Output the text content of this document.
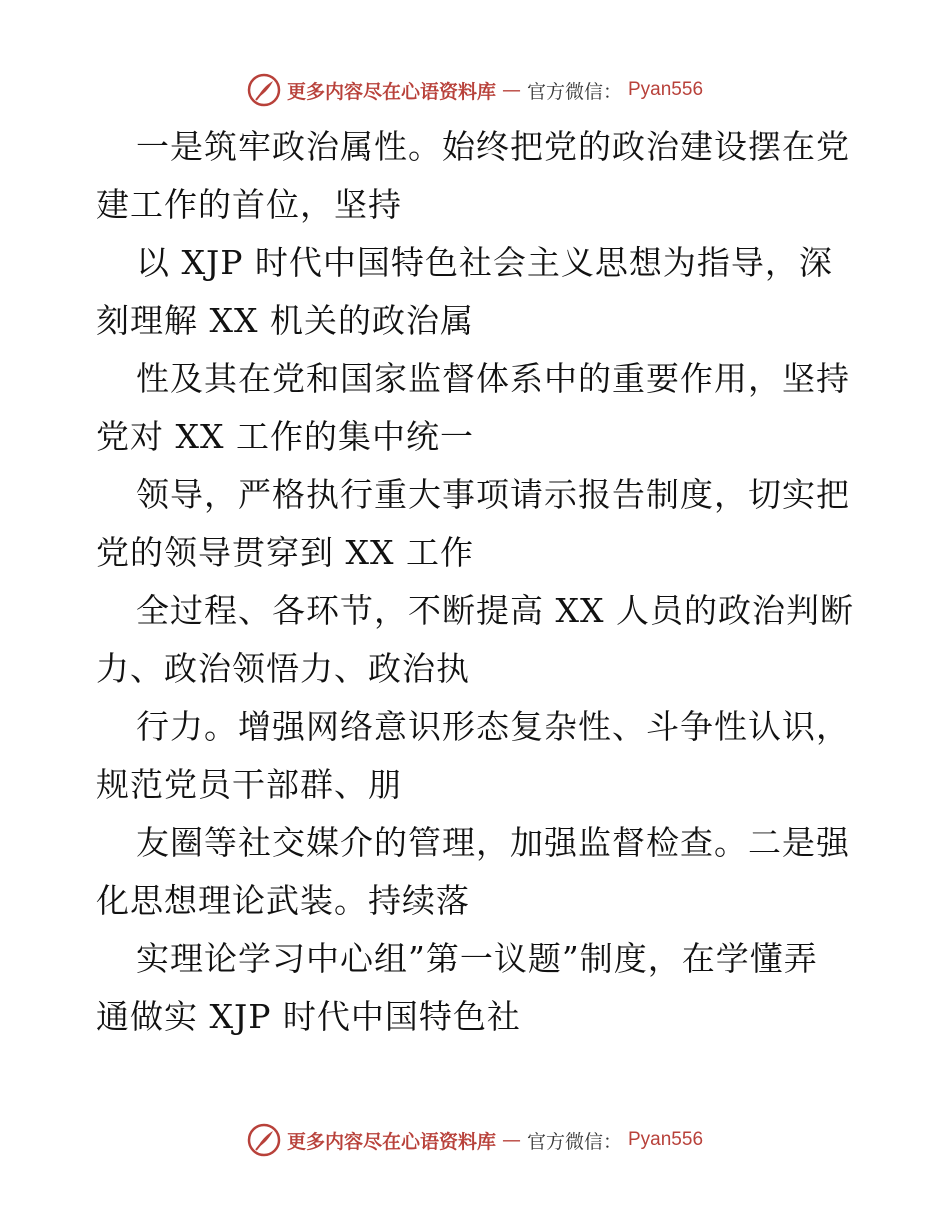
更多内容尽在心语资料库 — 官方微信： Pyan556
一是筑牢政治属性。始终把党的政治建设摆在党
建工作的首位，坚持
以 XJP 时代中国特色社会主义思想为指导，深
刻理解 XX 机关的政治属
性及其在党和国家监督体系中的重要作用，坚持
党对 XX 工作的集中统一
领导，严格执行重大事项请示报告制度，切实把
党的领导贯穿到 XX 工作
全过程、各环节，不断提高 XX 人员的政治判断
力、政治领悟力、政治执
行力。增强网络意识形态复杂性、斗争性认识，
规范党员干部群、朋
友圈等社交媒介的管理，加强监督检查。二是强
化思想理论武装。持续落
实理论学习中心组”第一议题”制度，在学懂弄
通做实 XJP 时代中国特色社
更多内容尽在心语资料库 — 官方微信： Pyan556
